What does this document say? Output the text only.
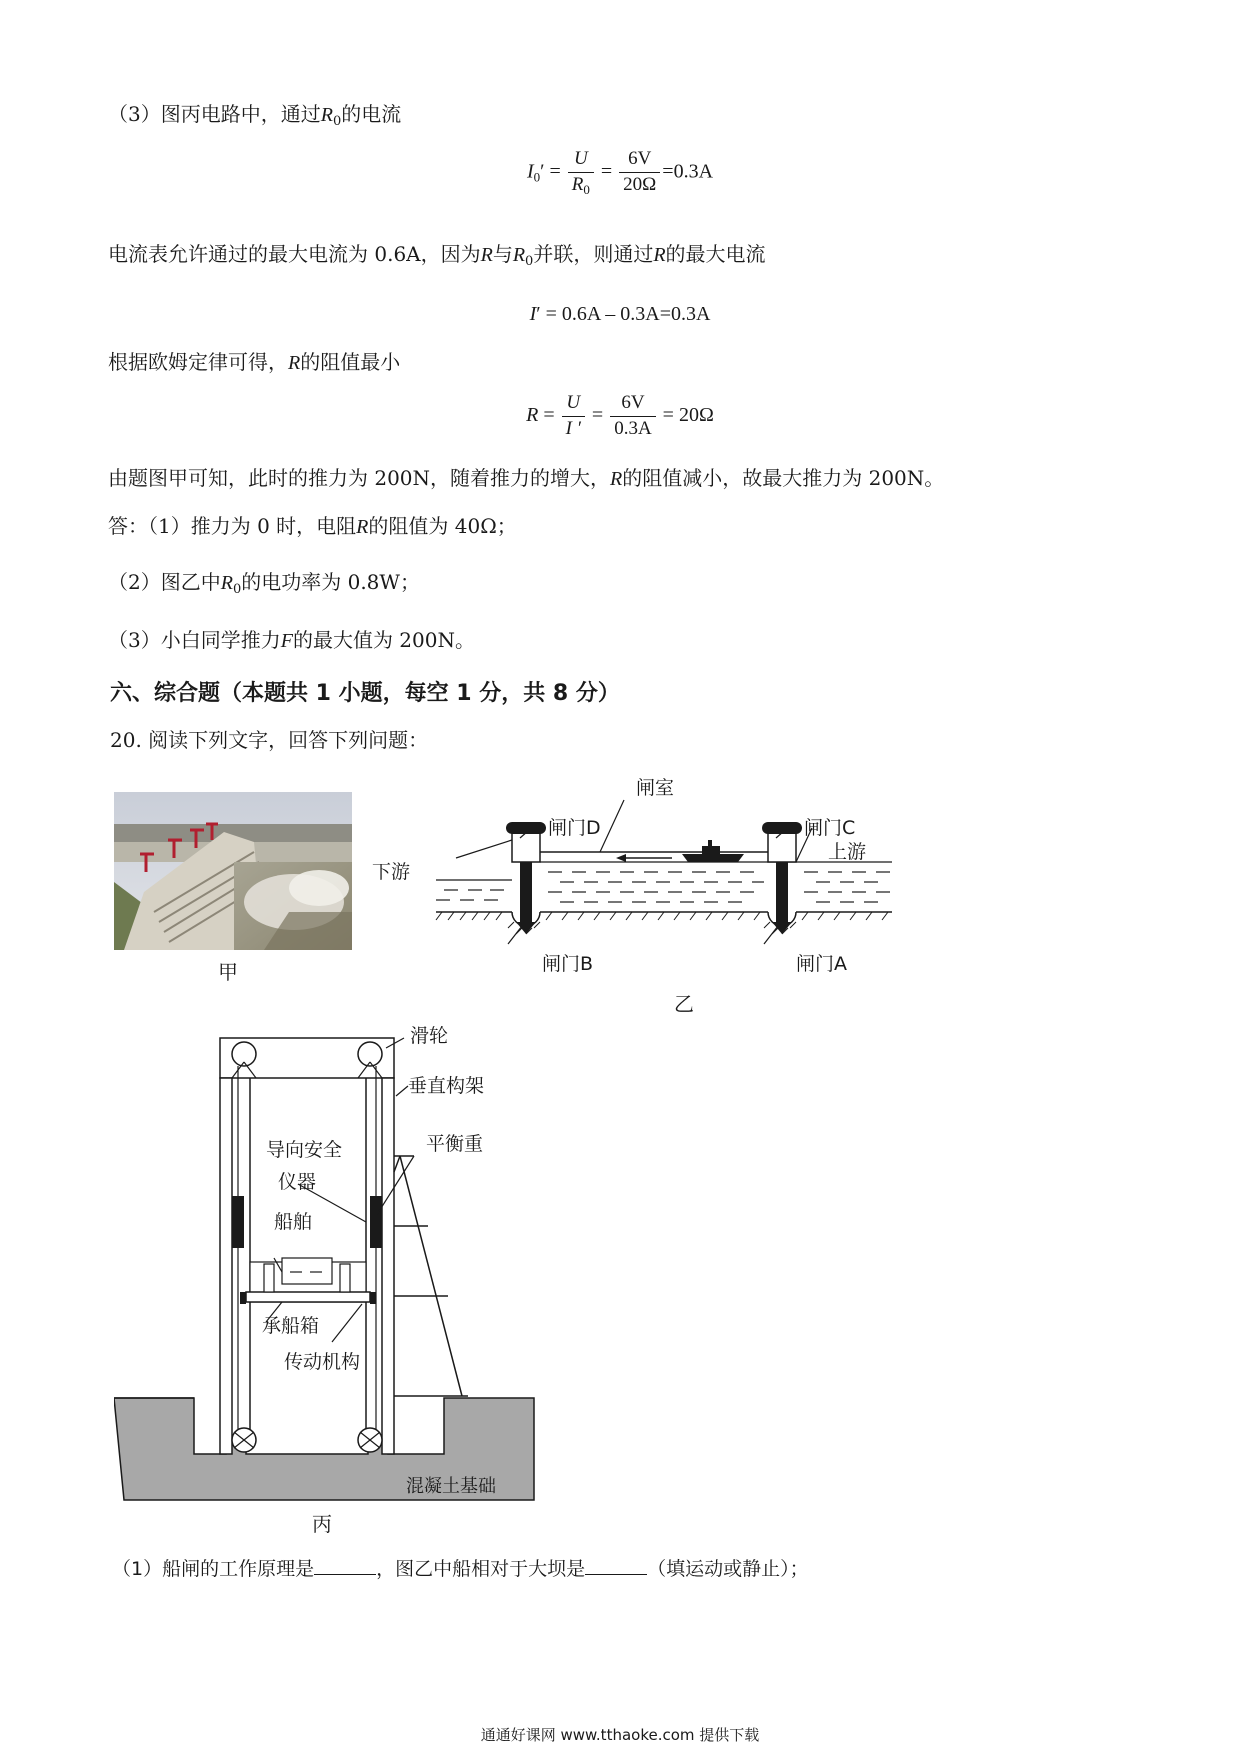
（3）图丙电路中，通过$R_0$的电流
$I_0' = \frac{U}{R_0} = \frac{6V}{20\Omega} =0.3A$
电流表允许通过的最大电流为 0.6A，因为R与$R_0$并联，则通过R的最大电流
I′ = 0.6A – 0.3A=0.3A
根据欧姆定律可得，R的阻值最小
$R = \frac{U}{I '} = \frac{6V}{0.3A} = 20\Omega$
由题图甲可知，此时的推力为 200N，随着推力的增大，R的阻值减小，故最大推力为 200N。
答：（1）推力为 0 时，电阻R的阻值为 40Ω；
（2）图乙中$R_0$的电功率为 0.8W；
（3）小白同学推力F的最大值为 200N。
六、综合题（本题共 1 小题，每空 1 分，共 8 分）
20. 阅读下列文字，回答下列问题：
甲
闸室
闸门D	闸门C
上游
下游
闸门B	闸门A
乙
滑轮
垂直构架
平衡重
导向安全
仪器
船舶
承船箱
传动机构
混凝土基础
丙
（1）船闸的工作原理是	，图乙中船相对于大坝是	（填运动或静止）；
通通好课网 www.tthaoke.com 提供下载
